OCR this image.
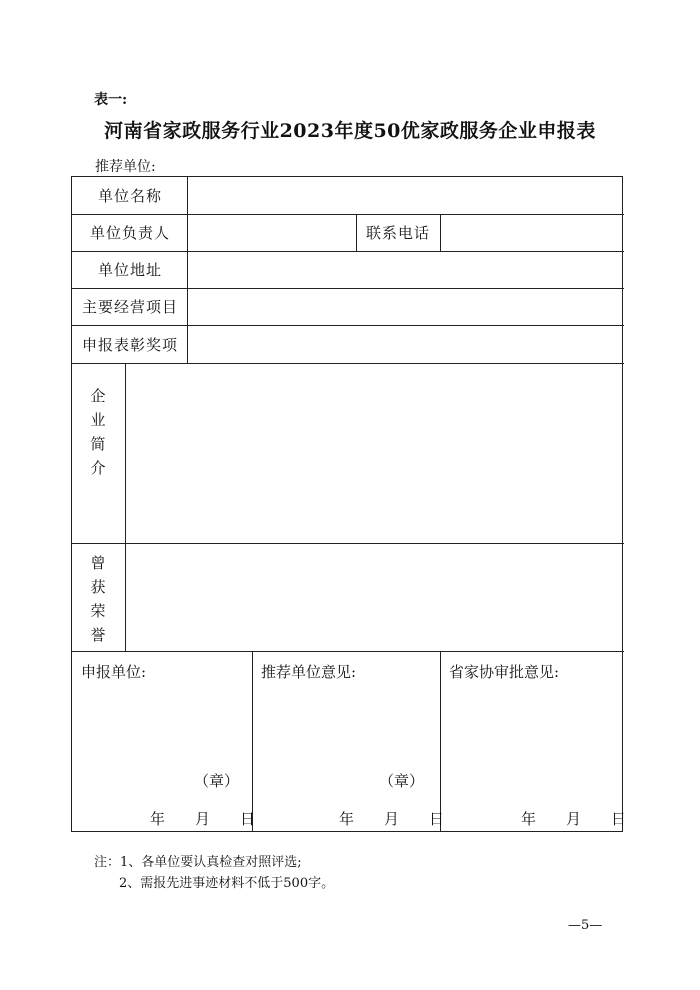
表一:
河南省家政服务行业2023年度50优家政服务企业申报表
推荐单位:
单位名称
单位负责人	联系电话
单位地址
主要经营项目
申报表彰奖项
企业简介
曾获荣誉
申报单位:
（章）
年 月 日
推荐单位意见:
（章）
年 月 日
省家协审批意见:
年 月 日
注：1、各单位要认真检查对照评选;
2、需报先进事迹材料不低于500字。
—5—
